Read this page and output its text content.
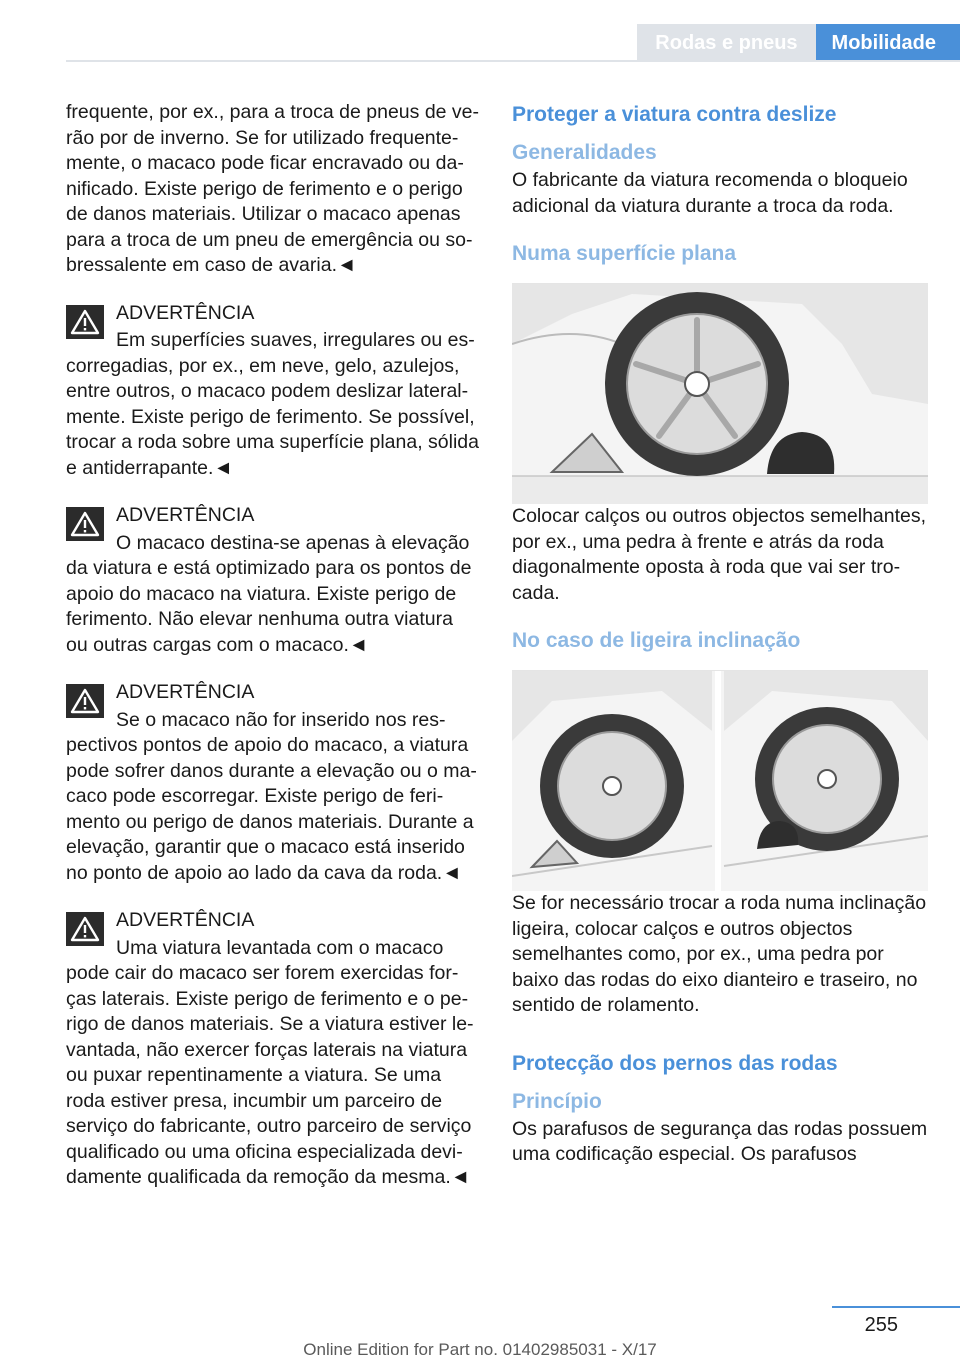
Rodas e pneus	Mobilidade

frequente, por ex., para a troca de pneus de verão por de inverno. Se for utilizado frequentemente, o macaco pode ficar encravado ou danificado. Existe perigo de ferimento e o perigo de danos materiais. Utilizar o macaco apenas para a troca de um pneu de emergência ou sobressalente em caso de avaria.◄

ADVERTÊNCIA

Em superfícies suaves, irregulares ou escorregadias, por ex., em neve, gelo, azulejos, entre outros, o macaco podem deslizar lateralmente. Existe perigo de ferimento. Se possível, trocar a roda sobre uma superfície plana, sólida e antiderrapante.◄

ADVERTÊNCIA

O macaco destina-se apenas à elevação da viatura e está optimizado para os pontos de apoio do macaco na viatura. Existe perigo de ferimento. Não elevar nenhuma outra viatura ou outras cargas com o macaco.◄

ADVERTÊNCIA

Se o macaco não for inserido nos respectivos pontos de apoio do macaco, a viatura pode sofrer danos durante a elevação ou o macaco pode escorregar. Existe perigo de ferimento ou perigo de danos materiais. Durante a elevação, garantir que o macaco está inserido no ponto de apoio ao lado da cava da roda.◄

ADVERTÊNCIA

Uma viatura levantada com o macaco pode cair do macaco ser forem exercidas forças laterais. Existe perigo de ferimento e o perigo de danos materiais. Se a viatura estiver levantada, não exercer forças laterais na viatura ou puxar repentinamente a viatura. Se uma roda estiver presa, incumbir um parceiro de serviço do fabricante, outro parceiro de serviço qualificado ou uma oficina especializada devidamente qualificada da remoção da mesma.◄

Proteger a viatura contra deslize
Generalidades

O fabricante da viatura recomenda o bloqueio adicional da viatura durante a troca da roda.

Numa superfície plana

Colocar calços ou outros objectos semelhantes, por ex., uma pedra à frente e atrás da roda diagonalmente oposta à roda que vai ser trocada.

No caso de ligeira inclinação

Se for necessário trocar a roda numa inclinação ligeira, colocar calços e outros objectos semelhantes como, por ex., uma pedra por baixo das rodas do eixo dianteiro e traseiro, no sentido de rolamento.

Protecção dos pernos das rodas
Princípio

Os parafusos de segurança das rodas possuem uma codificação especial. Os parafusos

255
Online Edition for Part no. 01402985031 - X/17
